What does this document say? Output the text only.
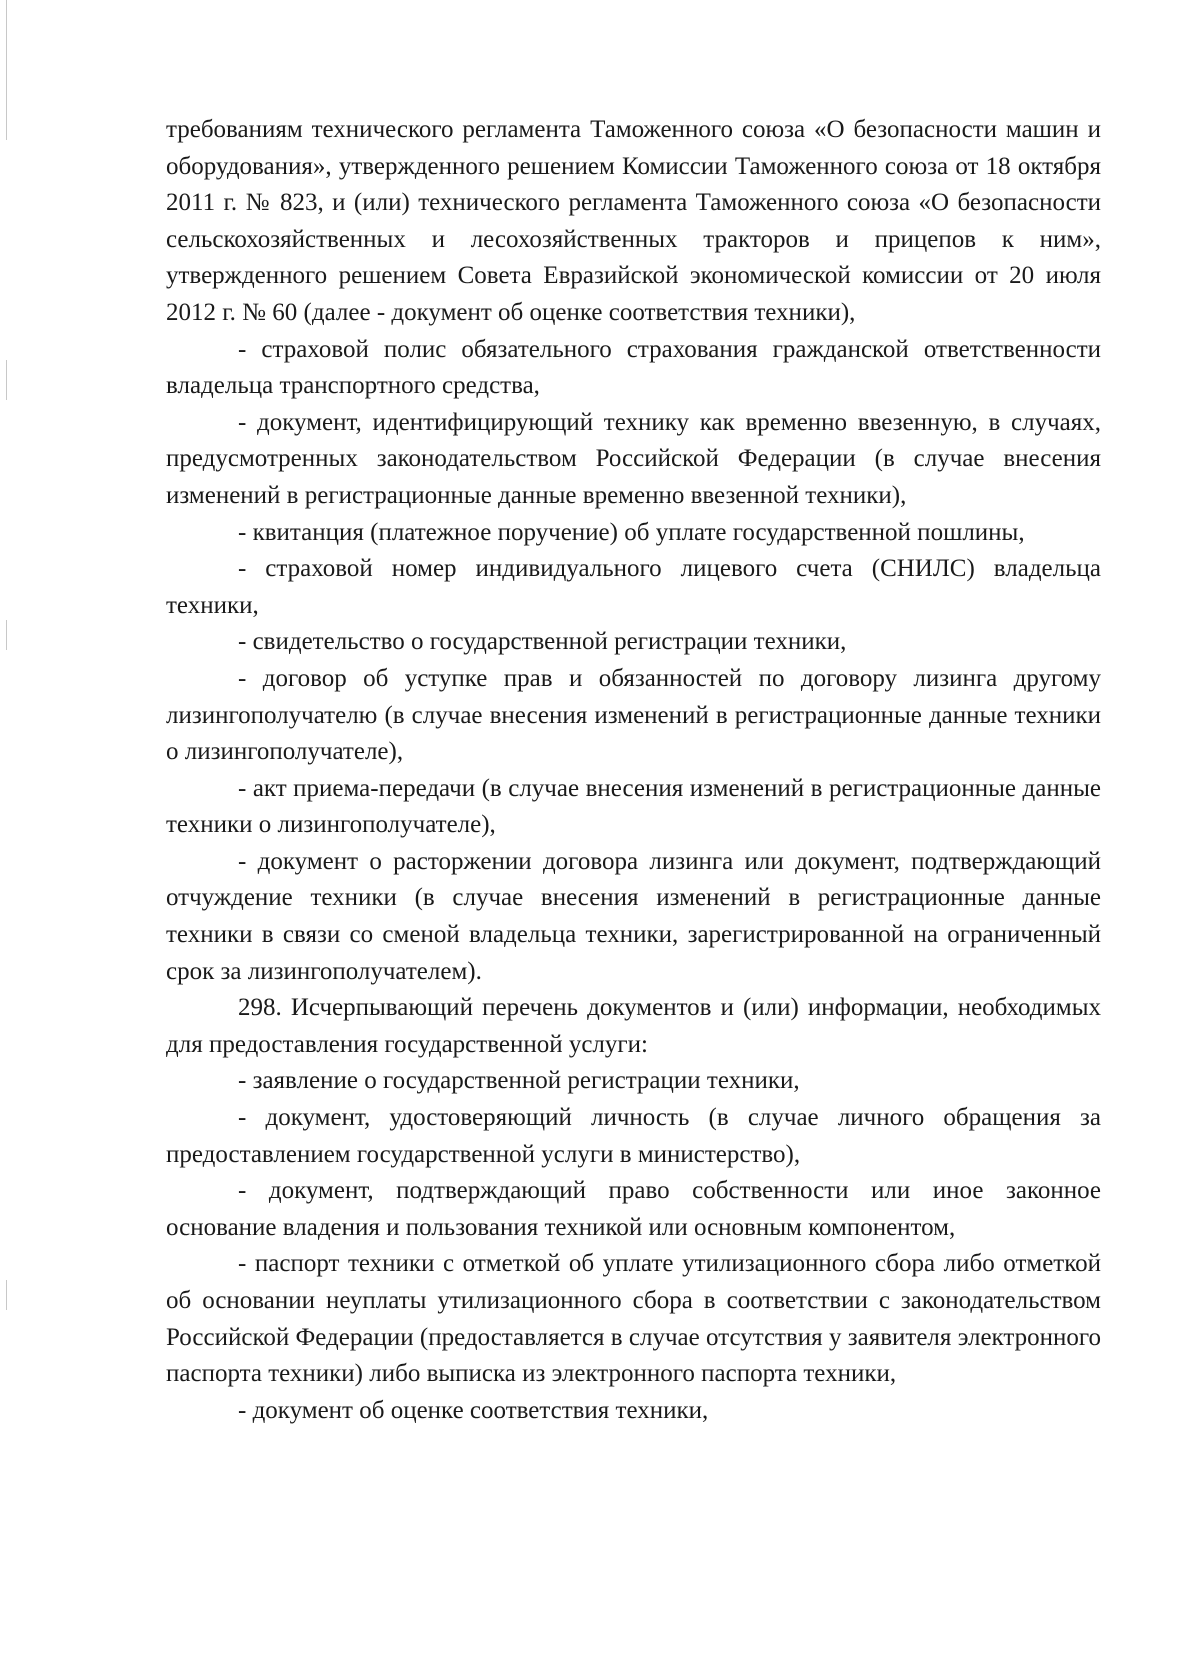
требованиям технического регламента Таможенного союза «О безопасности машин и оборудования», утвержденного решением Комиссии Таможенного союза от 18 октября 2011 г. № 823, и (или) технического регламента Таможенного союза «О безопасности сельскохозяйственных и лесохозяйственных тракторов и прицепов к ним», утвержденного решением Совета Евразийской экономической комиссии от 20 июля 2012 г. № 60 (далее - документ об оценке соответствия техники),

- страховой полис обязательного страхования гражданской ответственности владельца транспортного средства,

- документ, идентифицирующий технику как временно ввезенную, в случаях, предусмотренных законодательством Российской Федерации (в случае внесения изменений в регистрационные данные временно ввезенной техники),

- квитанция (платежное поручение) об уплате государственной пошлины,

- страховой номер индивидуального лицевого счета (СНИЛС) владельца техники,

- свидетельство о государственной регистрации техники,

- договор об уступке прав и обязанностей по договору лизинга другому лизингополучателю (в случае внесения изменений в регистрационные данные техники о лизингополучателе),

- акт приема-передачи (в случае внесения изменений в регистрационные данные техники о лизингополучателе),

- документ о расторжении договора лизинга или документ, подтверждающий отчуждение техники (в случае внесения изменений в регистрационные данные техники в связи со сменой владельца техники, зарегистрированной на ограниченный срок за лизингополучателем).

298. Исчерпывающий перечень документов и (или) информации, необходимых для предоставления государственной услуги:

- заявление о государственной регистрации техники,

- документ, удостоверяющий личность (в случае личного обращения за предоставлением государственной услуги в министерство),

- документ, подтверждающий право собственности или иное законное основание владения и пользования техникой или основным компонентом,

- паспорт техники с отметкой об уплате утилизационного сбора либо отметкой об основании неуплаты утилизационного сбора в соответствии с законодательством Российской Федерации (предоставляется в случае отсутствия у заявителя электронного паспорта техники) либо выписка из электронного паспорта техники,

- документ об оценке соответствия техники,
